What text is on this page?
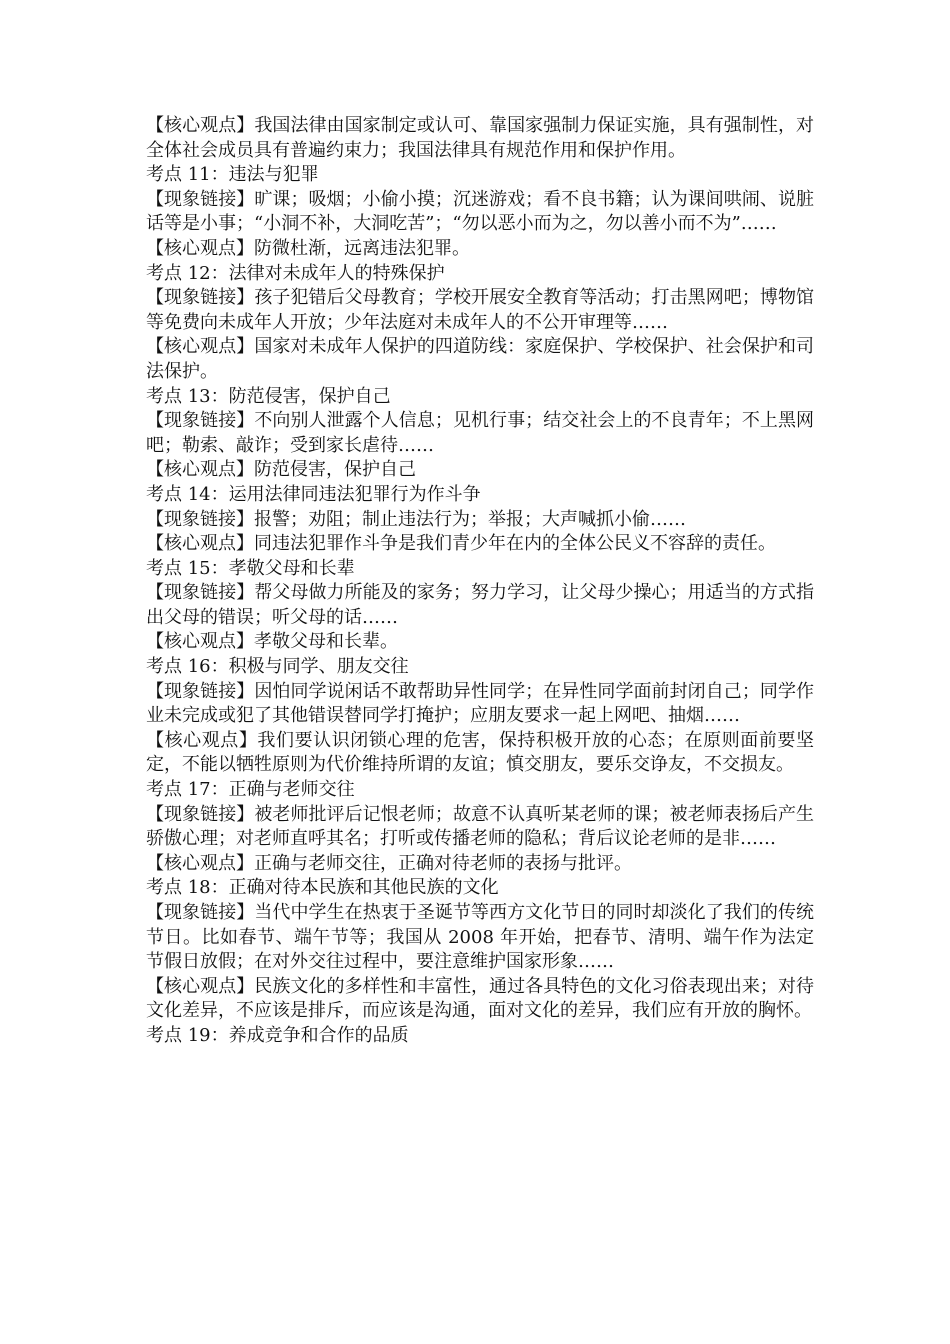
【核心观点】我国法律由国家制定或认可、靠国家强制力保证实施，具有强制性，对全体社会成员具有普遍约束力；我国法律具有规范作用和保护作用。

考点 11：违法与犯罪

【现象链接】旷课；吸烟；小偷小摸；沉迷游戏；看不良书籍；认为课间哄闹、说脏话等是小事；“小洞不补，大洞吃苦”；“勿以恶小而为之，勿以善小而不为”……

【核心观点】防微杜渐，远离违法犯罪。

考点 12：法律对未成年人的特殊保护

【现象链接】孩子犯错后父母教育；学校开展安全教育等活动；打击黑网吧；博物馆等免费向未成年人开放；少年法庭对未成年人的不公开审理等……

【核心观点】国家对未成年人保护的四道防线：家庭保护、学校保护、社会保护和司法保护。

考点 13：防范侵害，保护自己

【现象链接】不向别人泄露个人信息；见机行事；结交社会上的不良青年；不上黑网吧；勒索、敲诈；受到家长虐待……

【核心观点】防范侵害，保护自己

考点 14：运用法律同违法犯罪行为作斗争

【现象链接】报警；劝阻；制止违法行为；举报；大声喊抓小偷……

【核心观点】同违法犯罪作斗争是我们青少年在内的全体公民义不容辞的责任。

考点 15：孝敬父母和长辈

【现象链接】帮父母做力所能及的家务；努力学习，让父母少操心；用适当的方式指出父母的错误；听父母的话……

【核心观点】孝敬父母和长辈。

考点 16：积极与同学、朋友交往

【现象链接】因怕同学说闲话不敢帮助异性同学；在异性同学面前封闭自己；同学作业未完成或犯了其他错误替同学打掩护；应朋友要求一起上网吧、抽烟……

【核心观点】我们要认识闭锁心理的危害，保持积极开放的心态；在原则面前要坚定，不能以牺牲原则为代价维持所谓的友谊；慎交朋友，要乐交诤友，不交损友。

考点 17：正确与老师交往

【现象链接】被老师批评后记恨老师；故意不认真听某老师的课；被老师表扬后产生骄傲心理；对老师直呼其名；打听或传播老师的隐私；背后议论老师的是非……

【核心观点】正确与老师交往，正确对待老师的表扬与批评。

考点 18：正确对待本民族和其他民族的文化

【现象链接】当代中学生在热衷于圣诞节等西方文化节日的同时却淡化了我们的传统节日。比如春节、端午节等；我国从 2008 年开始，把春节、清明、端午作为法定节假日放假；在对外交往过程中，要注意维护国家形象……

【核心观点】民族文化的多样性和丰富性，通过各具特色的文化习俗表现出来；对待文化差异，不应该是排斥，而应该是沟通，面对文化的差异，我们应有开放的胸怀。

考点 19：养成竞争和合作的品质
